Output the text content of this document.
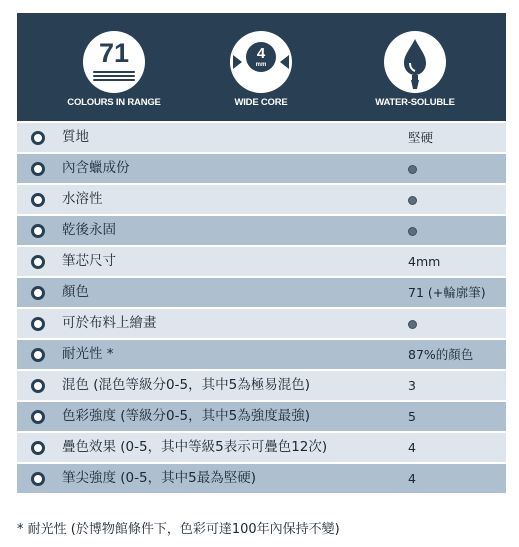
71
COLOURS IN RANGE
4
mm
WIDE CORE	WATER-SOLUBLE
質地	堅硬
內含蠟成份
水溶性
乾後永固
筆芯尺寸	4mm
顏色	71 (+輪廓筆)
可於布料上繪畫
耐光性 *	87%的顏色
混色 (混色等級分0-5，其中5為極易混色)	3
色彩強度 (等級分0-5，其中5為強度最強)	5
疊色效果 (0-5，其中等級5表示可疊色12次)	4
筆尖強度 (0-5，其中5最為堅硬)	4
* 耐光性 (於博物館條件下，色彩可達100年內保持不變)
